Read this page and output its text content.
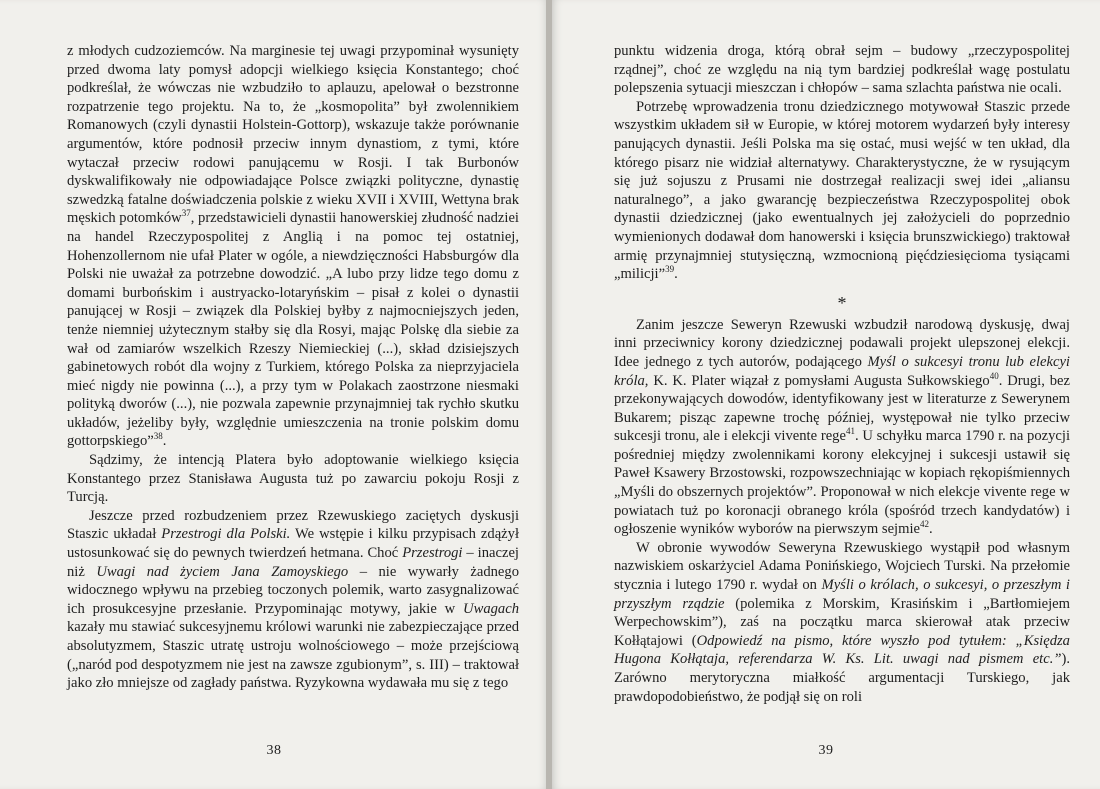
z młodych cudzoziemców. Na marginesie tej uwagi przypominał wysunięty przed dwoma laty pomysł adopcji wielkiego księcia Konstantego; choć podkreślał, że wówczas nie wzbudziło to aplauzu, apelował o bezstronne rozpatrzenie tego projektu. Na to, że „kosmopolita” był zwolennikiem Romanowych (czyli dynastii Holstein-Gottorp), wskazuje także porównanie argumentów, które podnosił przeciw innym dynastiom, z tymi, które wytaczał przeciw rodowi panującemu w Rosji. I tak Burbonów dyskwalifikowały nie odpowiadające Polsce związki polityczne, dynastię szwedzką fatalne doświadczenia polskie z wieku XVII i XVIII, Wettyna brak męskich potomków$^{37}$, przedstawicieli dynastii hanowerskiej złudność nadziei na handel Rzeczypospolitej z Anglią i na pomoc tej ostatniej, Hohenzollernom nie ufał Plater w ogóle, a niewdzięczności Habsburgów dla Polski nie uważał za potrzebne dowodzić. „A lubo przy lidze tego domu z domami burbońskim i austryacko-lotaryńskim – pisał z kolei o dynastii panującej w Rosji – związek dla Polskiej byłby z najmocniejszych jeden, tenże niemniej użytecznym stałby się dla Rosyi, mając Polskę dla siebie za wał od zamiarów wszelkich Rzeszy Niemieckiej (...), skład dzisiejszych gabinetowych robót dla wojny z Turkiem, którego Polska za nieprzyjaciela mieć nigdy nie powinna (...), a przy tym w Polakach zaostrzone niesmaki polityką dworów (...), nie pozwala zapewnie przynajmniej tak rychło skutku układów, jeżeliby były, względnie umieszczenia na tronie polskim domu gottorpskiego”$^{38}$.

Sądzimy, że intencją Platera było adoptowanie wielkiego księcia Konstantego przez Stanisława Augusta tuż po zawarciu pokoju Rosji z Turcją.

Jeszcze przed rozbudzeniem przez Rzewuskiego zaciętych dyskusji Staszic układał Przestrogi dla Polski. We wstępie i kilku przypisach zdążył ustosunkować się do pewnych twierdzeń hetmana. Choć Przestrogi – inaczej niż Uwagi nad życiem Jana Zamoyskiego – nie wywarły żadnego widocznego wpływu na przebieg toczonych polemik, warto zasygnalizować ich prosukcesyjne przesłanie. Przypominając motywy, jakie w Uwagach kazały mu stawiać sukcesyjnemu królowi warunki nie zabezpieczające przed absolutyzmem, Staszic utratę ustroju wolnościowego – może przejściową („naród pod despotyzmem nie jest na zawsze zgubionym”, s. III) – traktował jako zło mniejsze od zagłady państwa. Ryzykowna wydawała mu się z tego

38

punktu widzenia droga, którą obrał sejm – budowy „rzeczypospolitej rządnej”, choć ze względu na nią tym bardziej podkreślał wagę postulatu polepszenia sytuacji mieszczan i chłopów – sama szlachta państwa nie ocali.

Potrzebę wprowadzenia tronu dziedzicznego motywował Staszic przede wszystkim układem sił w Europie, w której motorem wydarzeń były interesy panujących dynastii. Jeśli Polska ma się ostać, musi wejść w ten układ, dla którego pisarz nie widział alternatywy. Charakterystyczne, że w rysującym się już sojuszu z Prusami nie dostrzegał realizacji swej idei „aliansu naturalnego”, a jako gwarancję bezpieczeństwa Rzeczypospolitej obok dynastii dziedzicznej (jako ewentualnych jej założycieli do poprzednio wymienionych dodawał dom hanowerski i księcia brunszwickiego) traktował armię przynajmniej stutysięczną, wzmocnioną pięćdziesięcioma tysiącami „milicji”$^{39}$.

*

Zanim jeszcze Seweryn Rzewuski wzbudził narodową dyskusję, dwaj inni przeciwnicy korony dziedzicznej podawali projekt ulepszonej elekcji. Idee jednego z tych autorów, podającego Myśl o sukcesyi tronu lub elekcyi króla, K. K. Plater wiązał z pomysłami Augusta Sułkowskiego$^{40}$. Drugi, bez przekonywających dowodów, identyfikowany jest w literaturze z Sewerynem Bukarem; pisząc zapewne trochę później, występował nie tylko przeciw sukcesji tronu, ale i elekcji vivente rege$^{41}$. U schyłku marca 1790 r. na pozycji pośredniej między zwolennikami korony elekcyjnej i sukcesji ustawił się Paweł Ksawery Brzostowski, rozpowszechniając w kopiach rękopiśmiennych „Myśli do obszernych projektów”. Proponował w nich elekcje vivente rege w powiatach tuż po koronacji obranego króla (spośród trzech kandydatów) i ogłoszenie wyników wyborów na pierwszym sejmie$^{42}$.

W obronie wywodów Seweryna Rzewuskiego wystąpił pod własnym nazwiskiem oskarżyciel Adama Ponińskiego, Wojciech Turski. Na przełomie stycznia i lutego 1790 r. wydał on Myśli o królach, o sukcesyi, o przeszłym i przyszłym rządzie (polemika z Morskim, Krasińskim i „Bartłomiejem Werpechowskim”), zaś na początku marca skierował atak przeciw Kołłątajowi (Odpowiedź na pismo, które wyszło pod tytułem: „Księdza Hugona Kołłątaja, referendarza W. Ks. Lit. uwagi nad pismem etc.”). Zarówno merytoryczna miałkość argumentacji Turskiego, jak prawdopodobieństwo, że podjął się on roli

39
